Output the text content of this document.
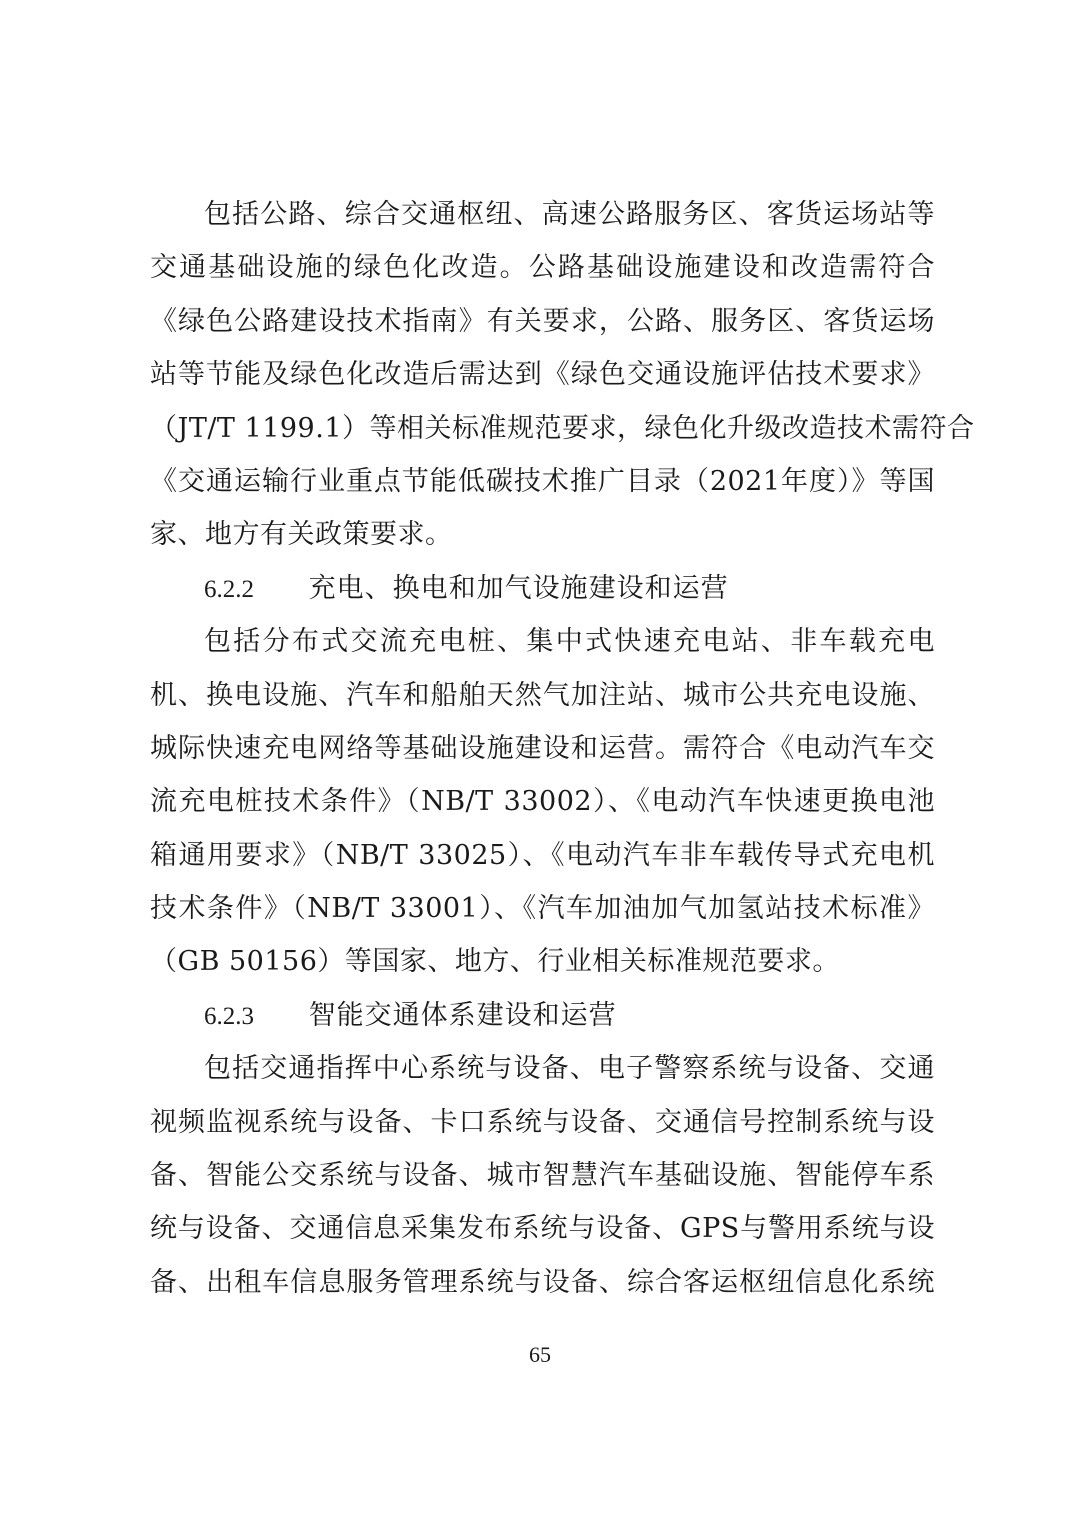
包括公路、综合交通枢纽、高速公路服务区、客货运场站等
交通基础设施的绿色化改造。公路基础设施建设和改造需符合
《绿色公路建设技术指南》有关要求，公路、服务区、客货运场
站等节能及绿色化改造后需达到《绿色交通设施评估技术要求》
（JT/T 1199.1）等相关标准规范要求，绿色化升级改造技术需符合
《交通运输行业重点节能低碳技术推广目录（2021年度）》等国
家、地方有关政策要求。
6.2.2 充电、换电和加气设施建设和运营
包括分布式交流充电桩、集中式快速充电站、非车载充电
机、换电设施、汽车和船舶天然气加注站、城市公共充电设施、
城际快速充电网络等基础设施建设和运营。需符合《电动汽车交
流充电桩技术条件》（NB/T 33002）、《电动汽车快速更换电池
箱通用要求》（NB/T 33025）、《电动汽车非车载传导式充电机
技术条件》（NB/T 33001）、《汽车加油加气加氢站技术标准》
（GB 50156）等国家、地方、行业相关标准规范要求。
6.2.3 智能交通体系建设和运营
包括交通指挥中心系统与设备、电子警察系统与设备、交通
视频监视系统与设备、卡口系统与设备、交通信号控制系统与设
备、智能公交系统与设备、城市智慧汽车基础设施、智能停车系
统与设备、交通信息采集发布系统与设备、GPS与警用系统与设
备、出租车信息服务管理系统与设备、综合客运枢纽信息化系统
65
